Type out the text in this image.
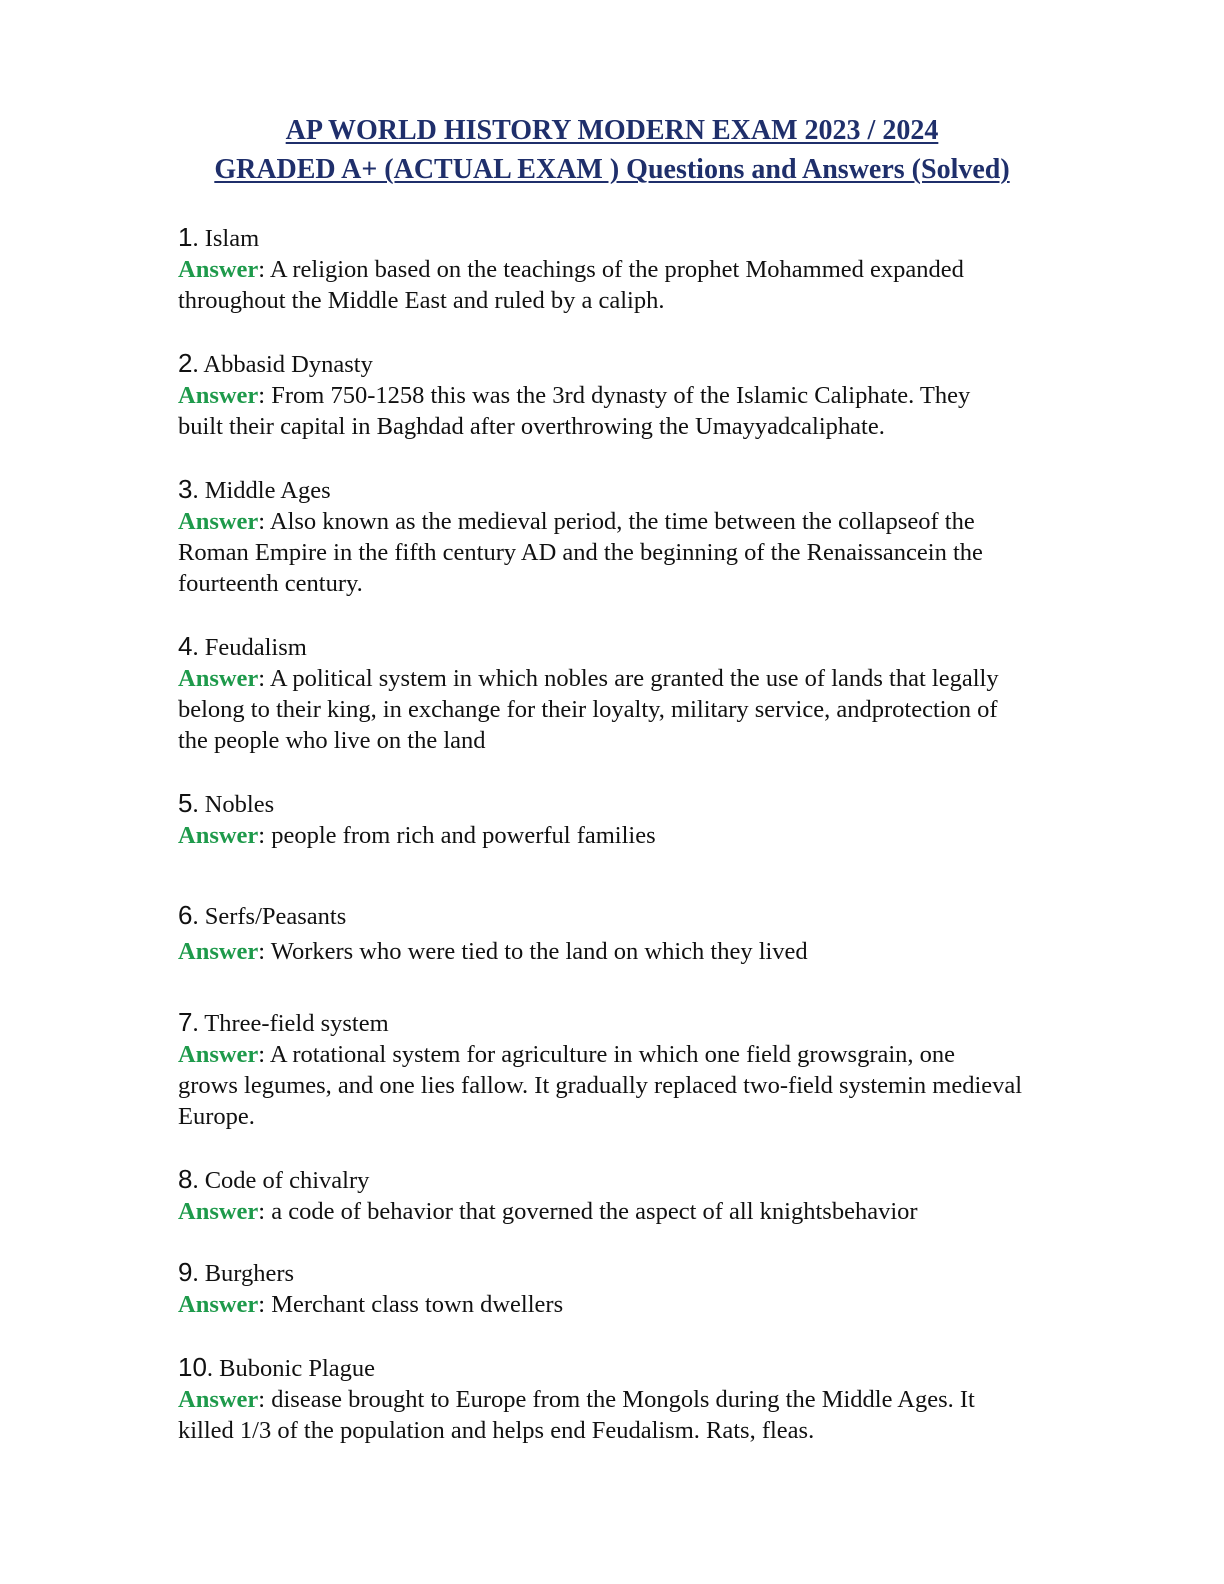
AP WORLD HISTORY MODERN EXAM 2023 / 2024
GRADED A+ (ACTUAL EXAM ) Questions and Answers (Solved)
1. Islam
Answer: A religion based on the teachings of the prophet Mohammed expanded
throughout the Middle East and ruled by a caliph.
2. Abbasid Dynasty
Answer: From 750-1258 this was the 3rd dynasty of the Islamic Caliphate. They
built their capital in Baghdad after overthrowing the Umayyadcaliphate.
3. Middle Ages
Answer: Also known as the medieval period, the time between the collapseof the
Roman Empire in the fifth century AD and the beginning of the Renaissancein the
fourteenth century.
4. Feudalism
Answer: A political system in which nobles are granted the use of lands that legally
belong to their king, in exchange for their loyalty, military service, andprotection of
the people who live on the land
5. Nobles
Answer: people from rich and powerful families
6. Serfs/Peasants
Answer: Workers who were tied to the land on which they lived
7. Three-field system
Answer: A rotational system for agriculture in which one field growsgrain, one
grows legumes, and one lies fallow. It gradually replaced two-field systemin medieval
Europe.
8. Code of chivalry
Answer: a code of behavior that governed the aspect of all knightsbehavior
9. Burghers
Answer: Merchant class town dwellers
10. Bubonic Plague
Answer: disease brought to Europe from the Mongols during the Middle Ages. It
killed 1/3 of the population and helps end Feudalism. Rats, fleas.
